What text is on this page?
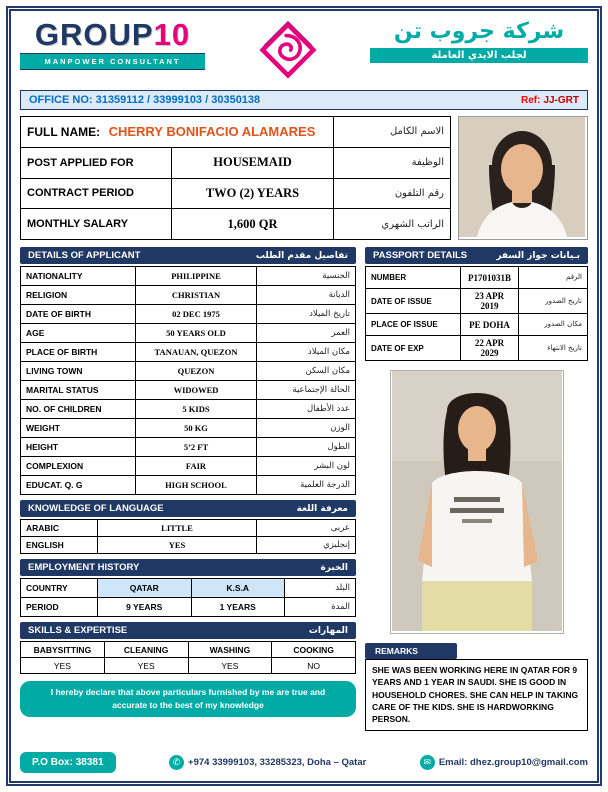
GROUP10
MANPOWER CONSULTANT
شركة جروب تن
لجلب الايدي العاملة
OFFICE NO: 31359112 / 33999103 / 30350138	Ref: JJ-GRT
FULL NAME: CHERRY BONIFACIO ALAMARES		الاسم الكامل
POST APPLIED FOR	HOUSEMAID	الوظيفة
CONTRACT PERIOD	TWO (2) YEARS	رقم التلفون
MONTHLY SALARY	1,600 QR	الراتب الشهري
DETAILS OF APPLICANT	تفاصيل مقدم الطلب
NATIONALITY	PHILIPPINE	الجنسية
RELIGION	CHRISTIAN	الديانة
DATE OF BIRTH	02 DEC 1975	تاريخ الميلاد
AGE	50 YEARS OLD	العمر
PLACE OF BIRTH	TANAUAN, QUEZON	مكان الميلاد
LIVING TOWN	QUEZON	مكان السكن
MARITAL STATUS	WIDOWED	الحالة الإجتماعية
NO. OF CHILDREN	5 KIDS	عدد الأطفال
WEIGHT	50 KG	الوزن
HEIGHT	5’2 FT	الطول
COMPLEXION	FAIR	لون البشر
EDUCAT. Q. G	HIGH SCHOOL	الدرجة العلمية
KNOWLEDGE OF LANGUAGE	معرفة اللغة
ARABIC	LITTLE	عربى
ENGLISH	YES	إنجليزي
EMPLOYMENT HISTORY	الخبرة
COUNTRY	QATAR	K.S.A	البلد
PERIOD	9 YEARS	1 YEARS	المدة
SKILLS & EXPERTISE	المهارات
BABYSITTING	CLEANING	WASHING	COOKING
YES	YES	YES	NO
I hereby declare that above particulars furnished by me are true and accurate to the best of my knowledge
PASSPORT DETAILS	بـيانات جواز السفر
NUMBER	P1701031B	الرقم
DATE OF ISSUE	23 APR 2019	تاريخ الصدور
PLACE OF ISSUE	PE DOHA	مكان الصدور
DATE OF EXP	22 APR 2029	تاريخ الانتهاء
REMARKS
SHE WAS BEEN WORKING HERE IN QATAR FOR 9 YEARS AND 1 YEAR IN SAUDI. SHE IS GOOD IN HOUSEHOLD CHORES. SHE CAN HELP IN TAKING CARE OF THE KIDS. SHE IS HARDWORKING PERSON.
P.O Box: 38381	✆ +974 33999103, 33285323, Doha – Qatar	✉ Email: dhez.group10@gmail.com
